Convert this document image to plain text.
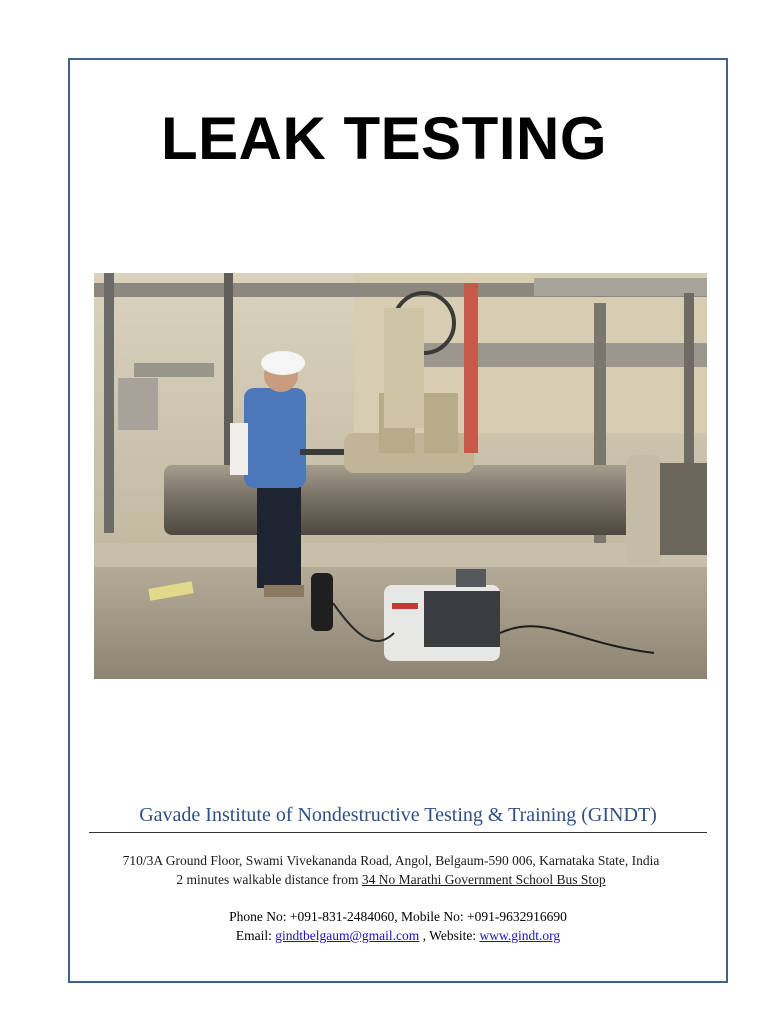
LEAK TESTING

Gavade Institute of Nondestructive Testing & Training (GINDT)

710/3A Ground Floor, Swami Vivekananda Road, Angol, Belgaum-590 006, Karnataka State, India
2 minutes walkable distance from 34 No Marathi Government School Bus Stop
Phone No: +091-831-2484060, Mobile No: +091-9632916690
Email: gindtbelgaum@gmail.com , Website: www.gindt.org
